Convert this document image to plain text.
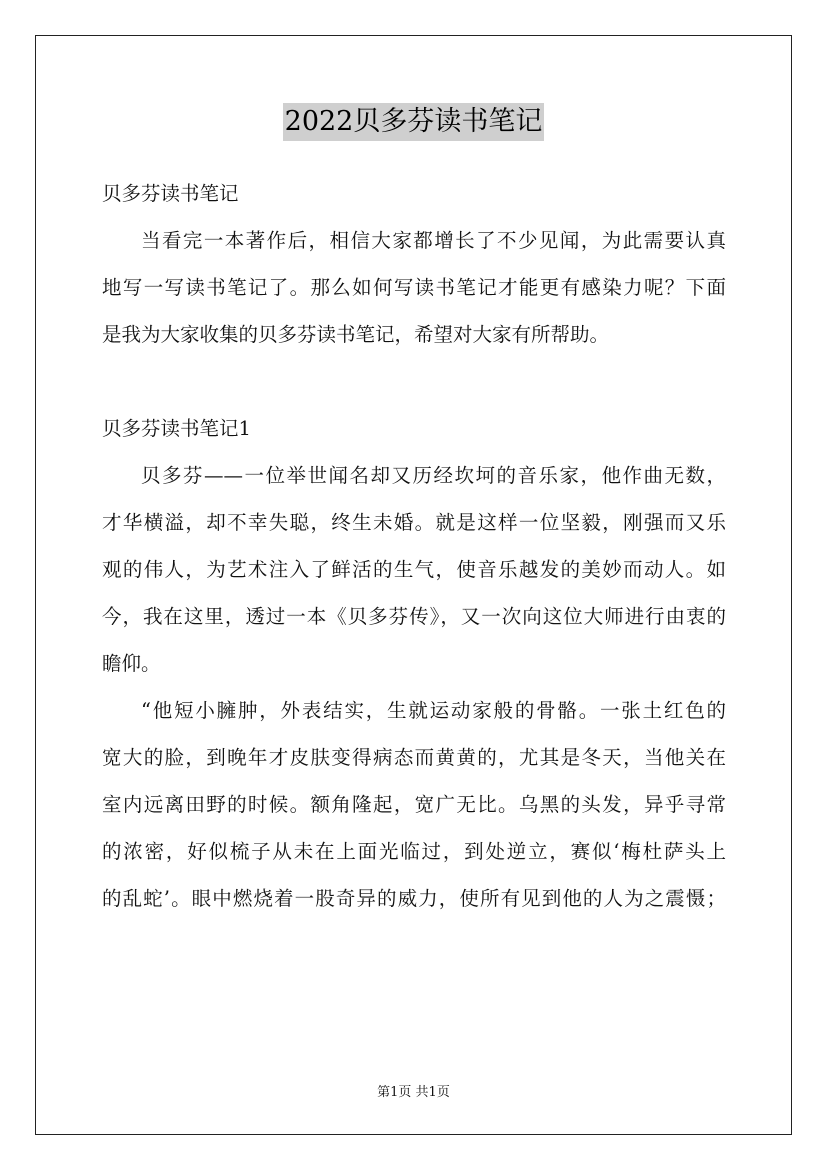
2022贝多芬读书笔记
贝多芬读书笔记
当看完一本著作后，相信大家都增长了不少见闻，为此需要认真
地写一写读书笔记了。那么如何写读书笔记才能更有感染力呢？下面
是我为大家收集的贝多芬读书笔记，希望对大家有所帮助。
贝多芬读书笔记1
贝多芬——一位举世闻名却又历经坎坷的音乐家，他作曲无数，
才华横溢，却不幸失聪，终生未婚。就是这样一位坚毅，刚强而又乐
观的伟人，为艺术注入了鲜活的生气，使音乐越发的美妙而动人。如
今，我在这里，透过一本《贝多芬传》，又一次向这位大师进行由衷的
瞻仰。
“他短小臃肿，外表结实，生就运动家般的骨骼。一张土红色的
宽大的脸，到晚年才皮肤变得病态而黄黄的，尤其是冬天，当他关在
室内远离田野的时候。额角隆起，宽广无比。乌黑的头发，异乎寻常
的浓密，好似梳子从未在上面光临过，到处逆立，赛似‘梅杜萨头上
的乱蛇’。眼中燃烧着一股奇异的威力，使所有见到他的人为之震慑；
第1页 共1页
